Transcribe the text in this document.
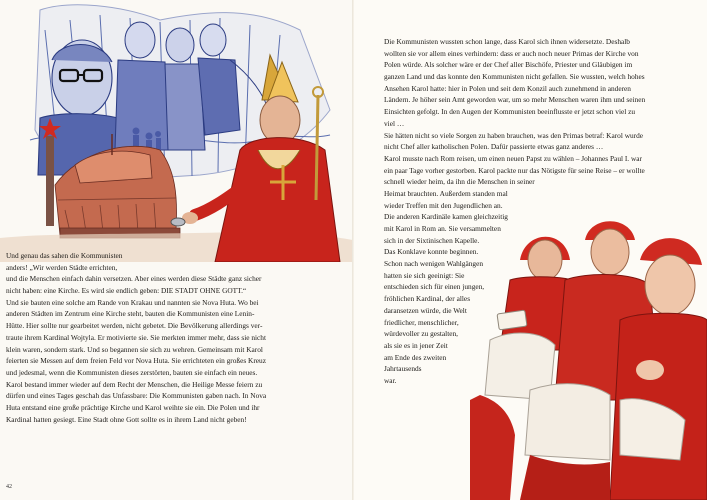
Und genau das sahen die Kommunisten
anders! „Wir werden Städte errichten,
und die Menschen einfach dahin versetzen. Aber eines werden diese Städte ganz sicher
nicht haben: eine Kirche. Es wird sie endlich geben: DIE STADT OHNE GOTT.“
Und sie bauten eine solche am Rande von Krakau und nannten sie Nova Huta. Wo bei
anderen Städten im Zentrum eine Kirche steht, bauten die Kommunisten eine Lenin-
Hütte. Hier sollte nur gearbeitet werden, nicht gebetet. Die Bevölkerung allerdings ver-
traute ihrem Kardinal Wojtyla. Er motivierte sie. Sie merkten immer mehr, dass sie nicht
klein waren, sondern stark. Und so begannen sie sich zu wehren. Gemeinsam mit Karol
feierten sie Messen auf dem freien Feld vor Nova Huta. Sie errichteten ein großes Kreuz
und jedesmal, wenn die Kommunisten dieses zerstörten, bauten sie einfach ein neues.
Karol bestand immer wieder auf dem Recht der Menschen, die Heilige Messe feiern zu
dürfen und eines Tages geschah das Unfassbare: Die Kommunisten gaben nach. In Nova
Huta entstand eine große prächtige Kirche und Karol weihte sie ein. Die Polen und ihr
Kardinal hatten gesiegt. Eine Stadt ohne Gott sollte es in ihrem Land nicht geben!
42
Die Kommunisten wussten schon lange, dass Karol sich ihnen widersetzte. Deshalb
wollten sie vor allem eines verhindern: dass er auch noch neuer Primas der Kirche von
Polen würde. Als solcher wäre er der Chef aller Bischöfe, Priester und Gläubigen im
ganzen Land und das konnte den Kommunisten nicht gefallen. Sie wussten, welch hohes
Ansehen Karol hatte: hier in Polen und seit dem Konzil auch zunehmend in anderen
Ländern. Je höher sein Amt geworden war, um so mehr Menschen waren ihm und seinen
Einsichten gefolgt. In den Augen der Kommunisten beeinflusste er jetzt schon viel zu
viel …
Sie hätten nicht so viele Sorgen zu haben brauchen, was den Primas betraf: Karol wurde
nicht Chef aller katholischen Polen. Dafür passierte etwas ganz anderes …
Karol musste nach Rom reisen, um einen neuen Papst zu wählen – Johannes Paul I. war
ein paar Tage vorher gestorben. Karol packte nur das Nötigste für seine Reise – er wollte
schnell wieder heim, da ihn die Menschen in seiner
Heimat brauchten. Außerdem standen mal
wieder Treffen mit den Jugendlichen an.
Die anderen Kardinäle kamen gleichzeitig
mit Karol in Rom an. Sie versammelten
sich in der Sixtinischen Kapelle.
Das Konklave konnte beginnen.
Schon nach wenigen Wahlgängen
hatten sie sich geeinigt: Sie
entschieden sich für einen jungen,
fröhlichen Kardinal, der alles
daransetzen würde, die Welt
friedlicher, menschlicher,
würdevoller zu gestalten,
als sie es in jener Zeit
am Ende des zweiten
Jahrtausends
war.
